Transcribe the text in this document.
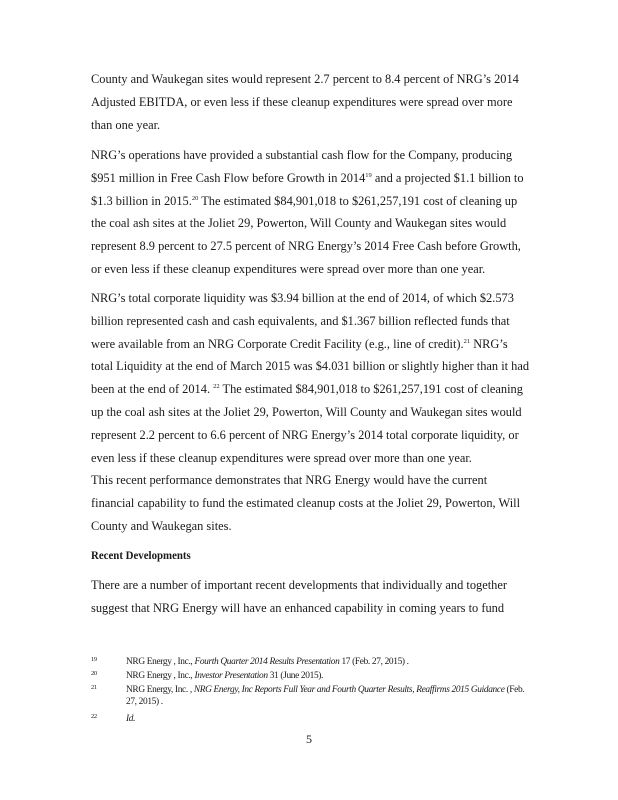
County and Waukegan sites would represent 2.7 percent to 8.4 percent of NRG’s 2014 Adjusted EBITDA, or even less if these cleanup expenditures were spread over more than one year.

NRG’s operations have provided a substantial cash flow for the Company, producing $951 million in Free Cash Flow before Growth in 2014$^{19}$ and a projected $1.1 billion to $1.3 billion in 2015.20 The estimated $84,901,018 to $261,257,191 cost of cleaning up the coal ash sites at the Joliet 29, Powerton, Will County and Waukegan sites would represent 8.9 percent to 27.5 percent of NRG Energy’s 2014 Free Cash before Growth, or even less if these cleanup expenditures were spread over more than one year.

NRG’s total corporate liquidity was $3.94 billion at the end of 2014, of which $2.573 billion represented cash and cash equivalents, and $1.367 billion reflected funds that were available from an NRG Corporate Credit Facility (e.g., line of credit).$^{21}$ NRG’s total Liquidity at the end of March 2015 was $4.031 billion or slightly higher than it had been at the end of 2014. $^{22}$ The estimated $84,901,018 to $261,257,191 cost of cleaning up the coal ash sites at the Joliet 29, Powerton, Will County and Waukegan sites would represent 2.2 percent to 6.6 percent of NRG Energy’s 2014 total corporate liquidity, or even less if these cleanup expenditures were spread over more than one year.

This recent performance demonstrates that NRG Energy would have the current financial capability to fund the estimated cleanup costs at the Joliet 29, Powerton, Will County and Waukegan sites.

Recent Developments

There are a number of important recent developments that individually and together suggest that NRG Energy will have an enhanced capability in coming years to fund

19	NRG Energy , Inc., Fourth Quarter 2014 Results Presentation 17 (Feb. 27, 2015) .
20	NRG Energy , Inc., Investor Presentation 31 (June 2015).
21	NRG Energy, Inc. , NRG Energy, Inc Reports Full Year and Fourth Quarter Results, Reaffirms 2015 Guidance (Feb. 27, 2015) .
22	Id.
5
